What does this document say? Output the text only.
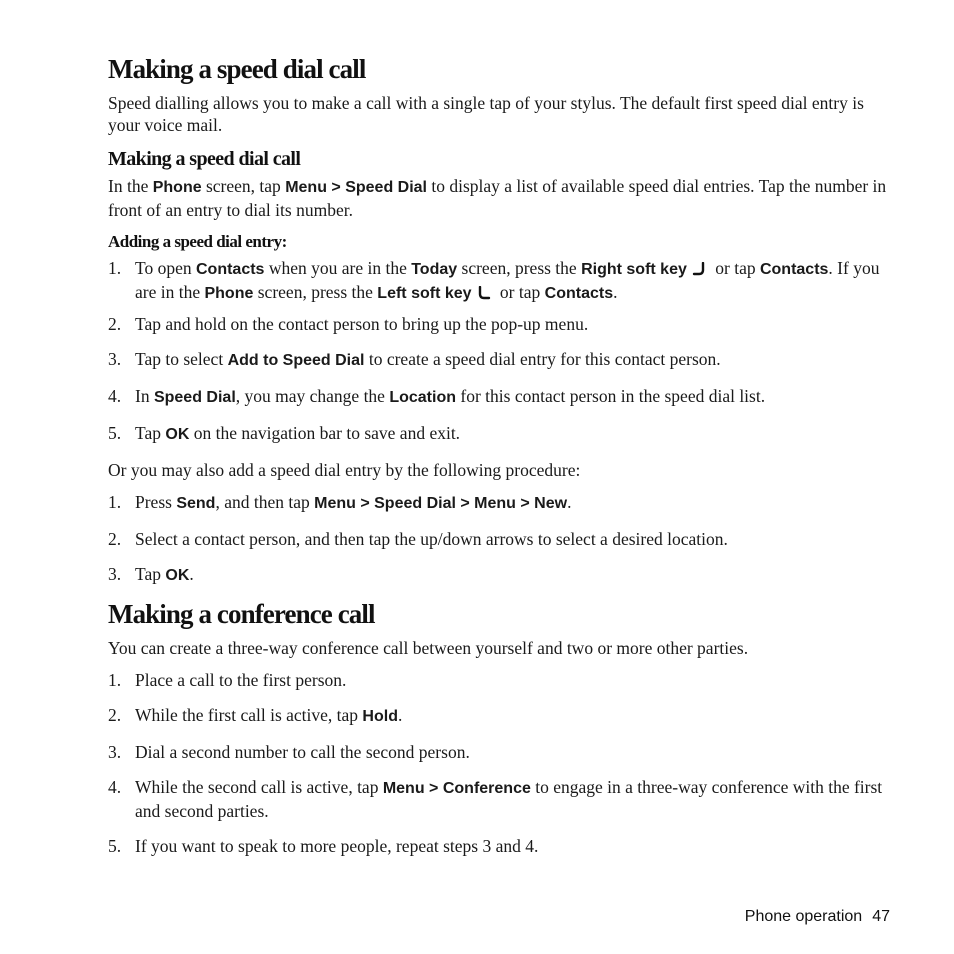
Making a speed dial call

Speed dialling allows you to make a call with a single tap of your stylus. The default first speed dial entry is your voice mail.

Making a speed dial call

In the Phone screen, tap Menu > Speed Dial to display a list of available speed dial entries. Tap the number in front of an entry to dial its number.

Adding a speed dial entry:
1. To open Contacts when you are in the Today screen, press the Right soft key or tap Contacts. If you are in the Phone screen, press the Left soft key or tap Contacts.
2. Tap and hold on the contact person to bring up the pop-up menu.
3. Tap to select Add to Speed Dial to create a speed dial entry for this contact person.
4. In Speed Dial, you may change the Location for this contact person in the speed dial list.
5. Tap OK on the navigation bar to save and exit.

Or you may also add a speed dial entry by the following procedure:

1. Press Send, and then tap Menu > Speed Dial > Menu > New.
2. Select a contact person, and then tap the up/down arrows to select a desired location.
3. Tap OK.
Making a conference call

You can create a three-way conference call between yourself and two or more other parties.

1. Place a call to the first person.
2. While the first call is active, tap Hold.
3. Dial a second number to call the second person.
4. While the second call is active, tap Menu > Conference to engage in a three-way conference with the first and second parties.
5. If you want to speak to more people, repeat steps 3 and 4.
Phone operation 47
